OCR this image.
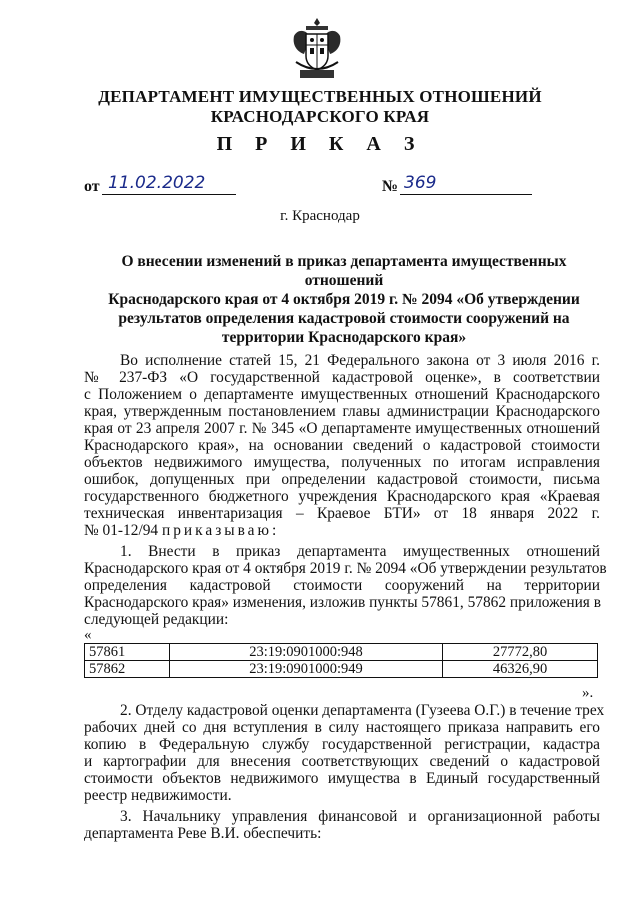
ДЕПАРТАМЕНТ ИМУЩЕСТВЕННЫХ ОТНОШЕНИЙ
КРАСНОДАРСКОГО КРАЯ
П Р И К А З
от 11.02.2022	№ 369
г. Краснодар
О внесении изменений в приказ департамента имущественных отношений
Краснодарского края от 4 октября 2019 г. № 2094 «Об утверждении
результатов определения кадастровой стоимости сооружений на
территории Краснодарского края»
Во исполнение статей 15, 21 Федерального закона от 3 июля 2016 г.
№ 237-ФЗ «О государственной кадастровой оценке», в соответствии
с Положением о департаменте имущественных отношений Краснодарского
края, утвержденным постановлением главы администрации Краснодарского
края от 23 апреля 2007 г. № 345 «О департаменте имущественных отношений
Краснодарского края», на основании сведений о кадастровой стоимости
объектов недвижимого имущества, полученных по итогам исправления
ошибок, допущенных при определении кадастровой стоимости, письма
государственного бюджетного учреждения Краснодарского края «Краевая
техническая инвентаризация – Краевое БТИ» от 18 января 2022 г.
№ 01-12/94 приказываю:
1. Внести в приказ департамента имущественных отношений
Краснодарского края от 4 октября 2019 г. № 2094 «Об утверждении результатов
определения кадастровой стоимости сооружений на территории
Краснодарского края» изменения, изложив пункты 57861, 57862 приложения в
следующей редакции:
«
57861	23:19:0901000:948	27772,80
57862	23:19:0901000:949	46326,90
».
2. Отделу кадастровой оценки департамента (Гузеева О.Г.) в течение трех
рабочих дней со дня вступления в силу настоящего приказа направить его
копию в Федеральную службу государственной регистрации, кадастра
и картографии для внесения соответствующих сведений о кадастровой
стоимости объектов недвижимого имущества в Единый государственный
реестр недвижимости.
3. Начальнику управления финансовой и организационной работы
департамента Реве В.И. обеспечить:
